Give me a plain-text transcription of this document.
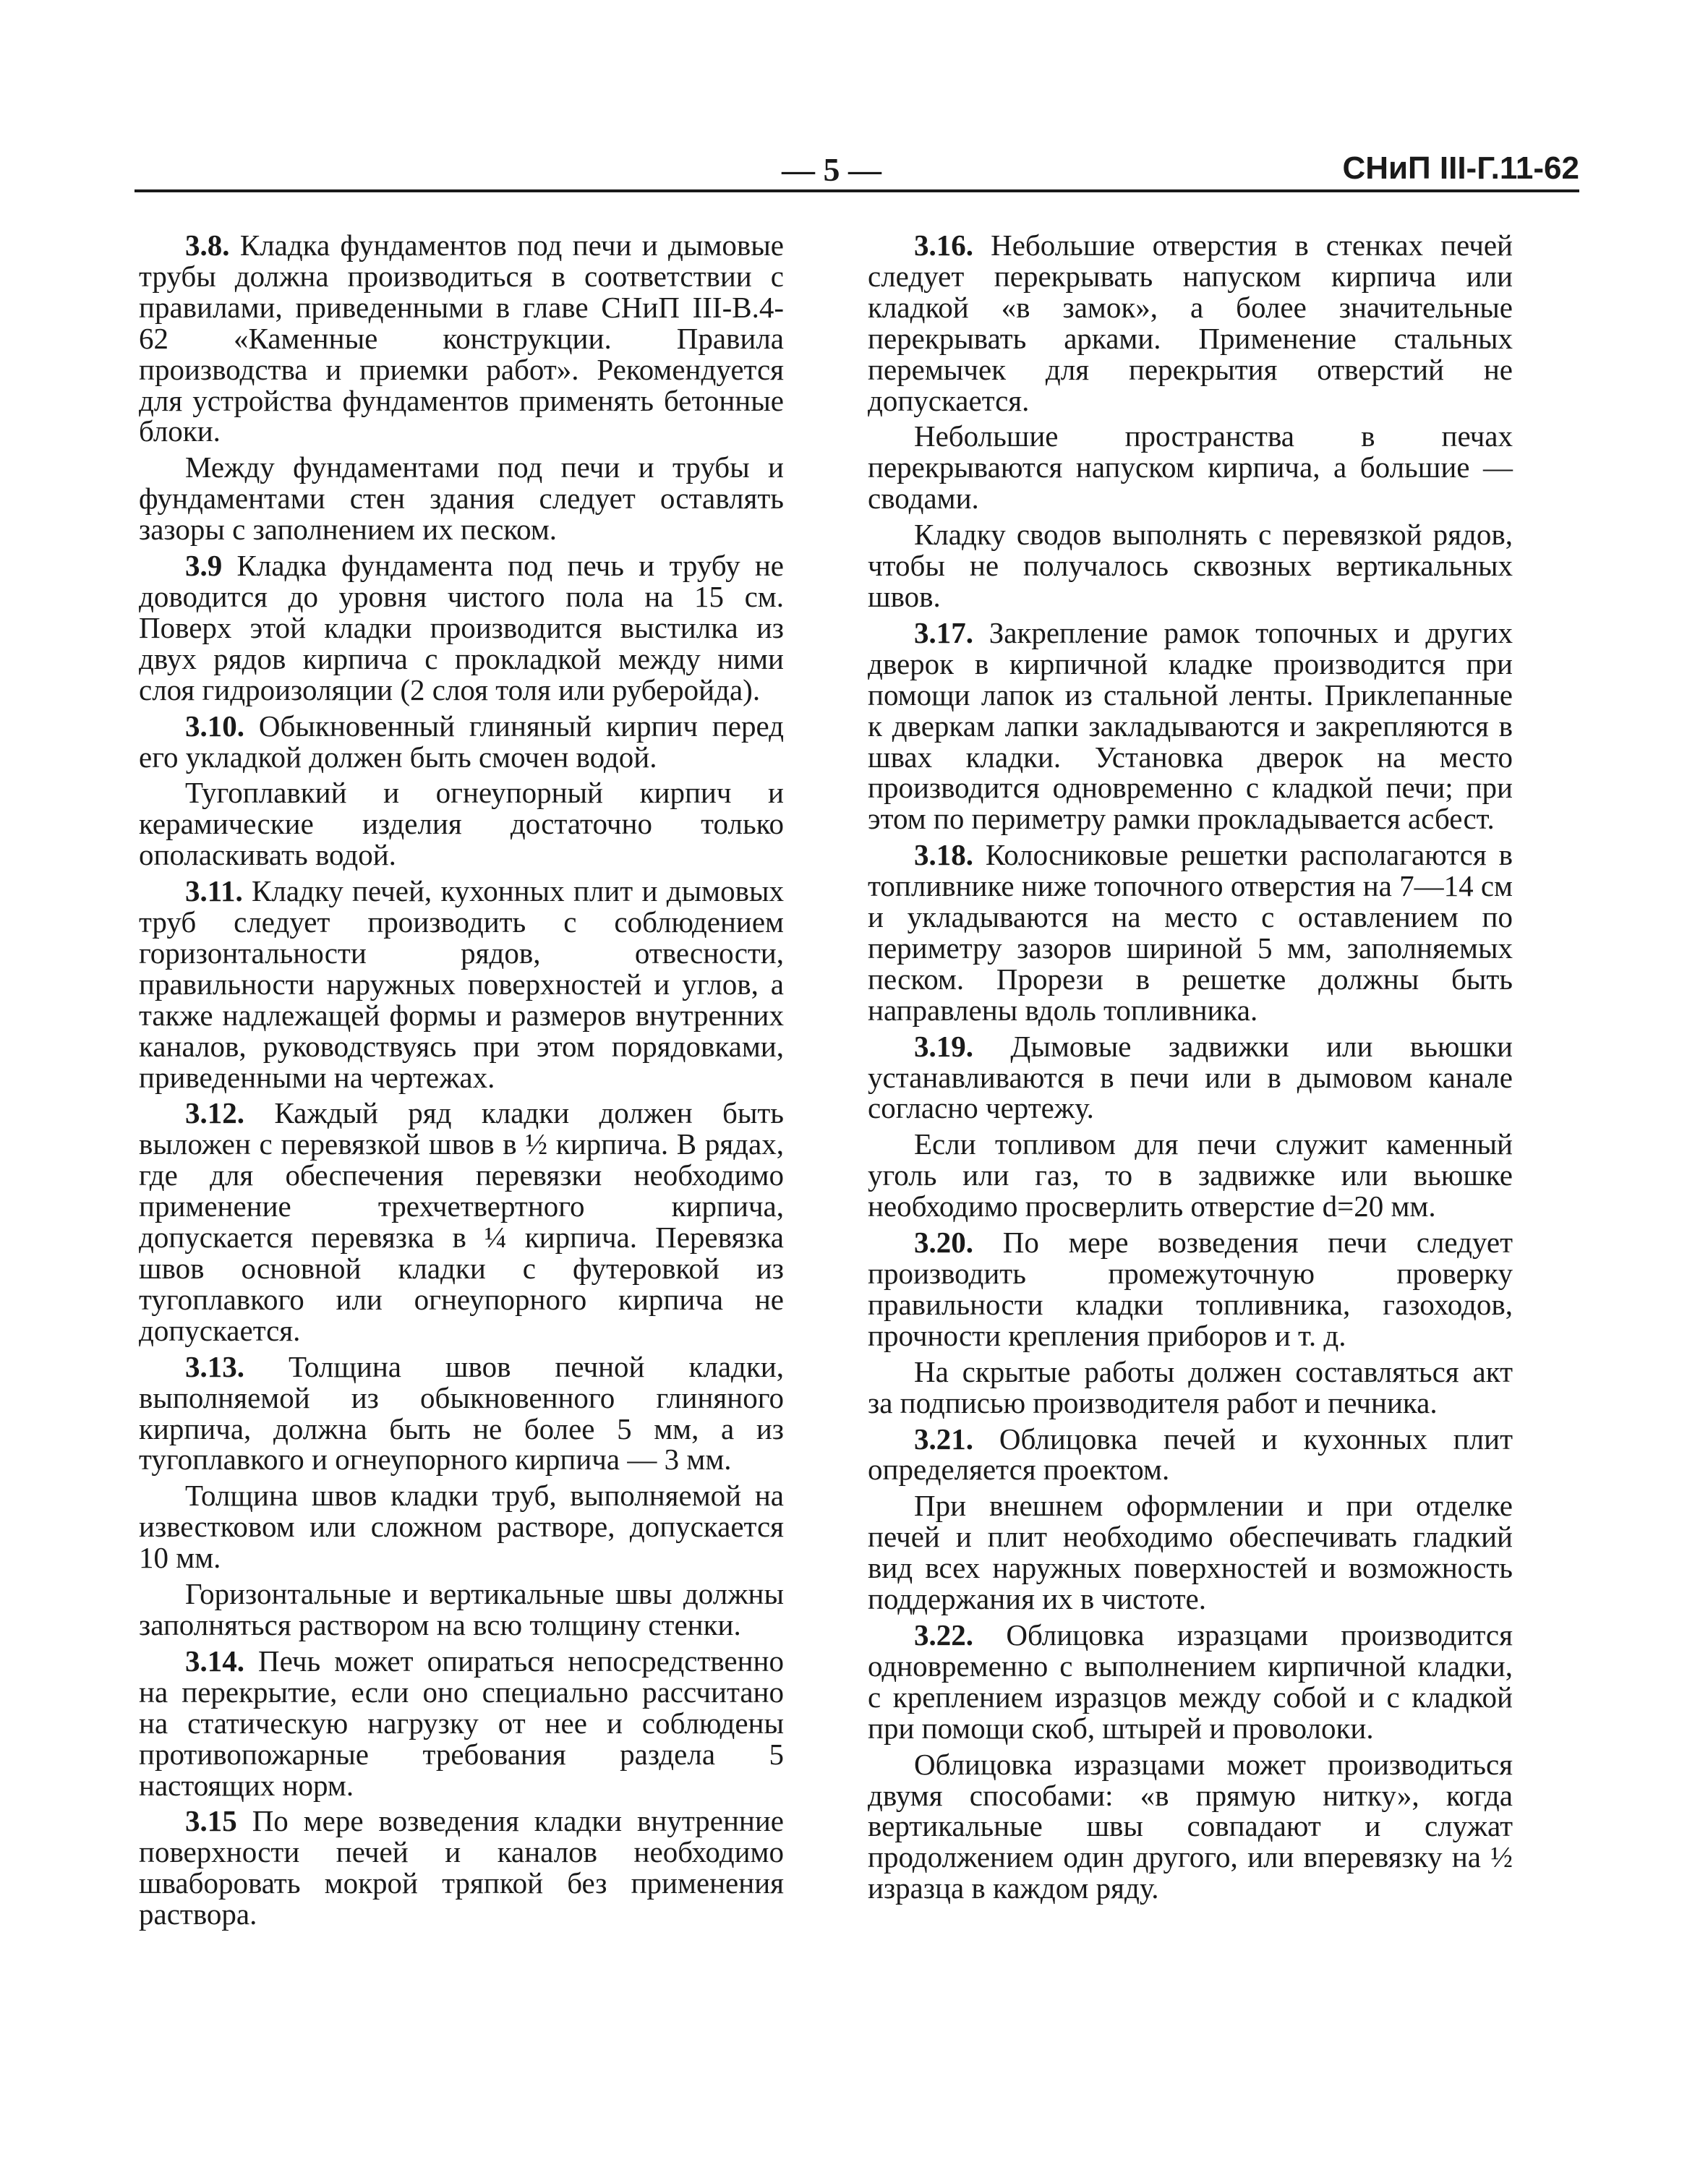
— 5 —	СНиП III-Г.11-62

3.8. Кладка фундаментов под печи и дымовые трубы должна производиться в соответствии с правилами, приведенными в главе СНиП III-В.4-62 «Каменные конструкции. Правила производства и приемки работ». Рекомендуется для устройства фундаментов применять бетонные блоки.

Между фундаментами под печи и трубы и фундаментами стен здания следует оставлять зазоры с заполнением их песком.

3.9 Кладка фундамента под печь и трубу не доводится до уровня чистого пола на 15 см. Поверх этой кладки производится выстилка из двух рядов кирпича с прокладкой между ними слоя гидроизоляции (2 слоя толя или руберойда).

3.10. Обыкновенный глиняный кирпич перед его укладкой должен быть смочен водой.

Тугоплавкий и огнеупорный кирпич и керамические изделия достаточно только ополаскивать водой.

3.11. Кладку печей, кухонных плит и дымовых труб следует производить с соблюдением горизонтальности рядов, отвесности, правильности наружных поверхностей и углов, а также надлежащей формы и размеров внутренних каналов, руководствуясь при этом порядовками, приведенными на чертежах.

3.12. Каждый ряд кладки должен быть выложен с перевязкой швов в ½ кирпича. В рядах, где для обеспечения перевязки необходимо применение трехчетвертного кирпича, допускается перевязка в ¼ кирпича. Перевязка швов основной кладки с футеровкой из тугоплавкого или огнеупорного кирпича не допускается.

3.13. Толщина швов печной кладки, выполняемой из обыкновенного глиняного кирпича, должна быть не более 5 мм, а из тугоплавкого и огнеупорного кирпича — 3 мм.

Толщина швов кладки труб, выполняемой на известковом или сложном растворе, допускается 10 мм.

Горизонтальные и вертикальные швы должны заполняться раствором на всю толщину стенки.

3.14. Печь может опираться непосредственно на перекрытие, если оно специально рассчитано на статическую нагрузку от нее и соблюдены противопожарные требования раздела 5 настоящих норм.

3.15 По мере возведения кладки внутренние поверхности печей и каналов необходимо шваборовать мокрой тряпкой без применения раствора.

3.16. Небольшие отверстия в стенках печей следует перекрывать напуском кирпича или кладкой «в замок», а более значительные перекрывать арками. Применение стальных перемычек для перекрытия отверстий не допускается.

Небольшие пространства в печах перекрываются напуском кирпича, а большие — сводами.

Кладку сводов выполнять с перевязкой рядов, чтобы не получалось сквозных вертикальных швов.

3.17. Закрепление рамок топочных и других дверок в кирпичной кладке производится при помощи лапок из стальной ленты. Приклепанные к дверкам лапки закладываются и закрепляются в швах кладки. Установка дверок на место производится одновременно с кладкой печи; при этом по периметру рамки прокладывается асбест.

3.18. Колосниковые решетки располагаются в топливнике ниже топочного отверстия на 7—14 см и укладываются на место с оставлением по периметру зазоров шириной 5 мм, заполняемых песком. Прорези в решетке должны быть направлены вдоль топливника.

3.19. Дымовые задвижки или вьюшки устанавливаются в печи или в дымовом канале согласно чертежу.

Если топливом для печи служит каменный уголь или газ, то в задвижке или вьюшке необходимо просверлить отверстие d=20 мм.

3.20. По мере возведения печи следует производить промежуточную проверку правильности кладки топливника, газоходов, прочности крепления приборов и т. д.

На скрытые работы должен составляться акт за подписью производителя работ и печника.

3.21. Облицовка печей и кухонных плит определяется проектом.

При внешнем оформлении и при отделке печей и плит необходимо обеспечивать гладкий вид всех наружных поверхностей и возможность поддержания их в чистоте.

3.22. Облицовка изразцами производится одновременно с выполнением кирпичной кладки, с креплением изразцов между собой и с кладкой при помощи скоб, штырей и проволоки.

Облицовка изразцами может производиться двумя способами: «в прямую нитку», когда вертикальные швы совпадают и служат продолжением один другого, или вперевязку на ½ изразца в каждом ряду.
